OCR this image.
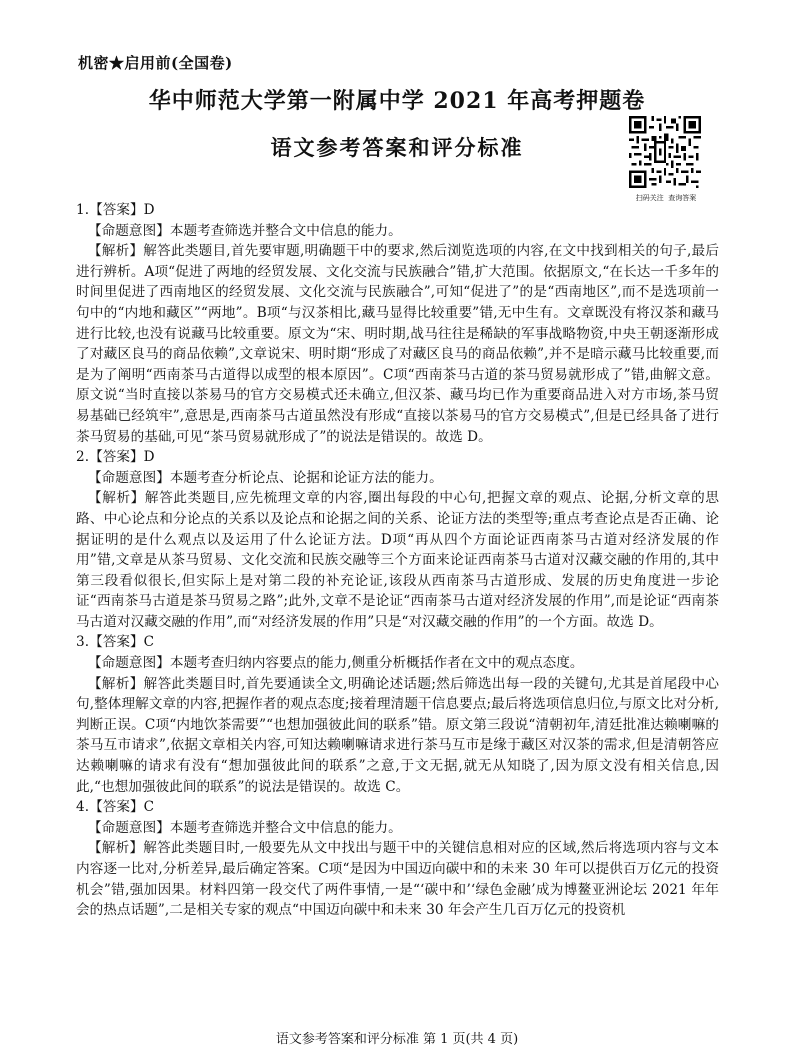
机密★启用前(全国卷)
华中师范大学第一附属中学 2021 年高考押题卷
语文参考答案和评分标准
扫码关注  查询答案
1.【答案】D
【命题意图】本题考查筛选并整合文中信息的能力。
【解析】解答此类题目,首先要审题,明确题干中的要求,然后浏览选项的内容,在文中找到相关的句子,最后进行辨析。A项“促进了两地的经贸发展、文化交流与民族融合”错,扩大范围。依据原文,“在长达一千多年的时间里促进了西南地区的经贸发展、文化交流与民族融合”,可知“促进了”的是“西南地区”,而不是选项前一句中的“内地和藏区”“两地”。B项“与汉茶相比,藏马显得比较重要”错,无中生有。文章既没有将汉茶和藏马进行比较,也没有说藏马比较重要。原文为“宋、明时期,战马往往是稀缺的军事战略物资,中央王朝逐渐形成了对藏区良马的商品依赖”,文章说宋、明时期“形成了对藏区良马的商品依赖”,并不是暗示藏马比较重要,而是为了阐明“西南茶马古道得以成型的根本原因”。C项“西南茶马古道的茶马贸易就形成了”错,曲解文意。原文说“当时直接以茶易马的官方交易模式还未确立,但汉茶、藏马均已作为重要商品进入对方市场,茶马贸易基础已经筑牢”,意思是,西南茶马古道虽然没有形成“直接以茶易马的官方交易模式”,但是已经具备了进行茶马贸易的基础,可见“茶马贸易就形成了”的说法是错误的。故选 D。
2.【答案】D
【命题意图】本题考查分析论点、论据和论证方法的能力。
【解析】解答此类题目,应先梳理文章的内容,圈出每段的中心句,把握文章的观点、论据,分析文章的思路、中心论点和分论点的关系以及论点和论据之间的关系、论证方法的类型等;重点考查论点是否正确、论据证明的是什么观点以及运用了什么论证方法。D项“再从四个方面论证西南茶马古道对经济发展的作用”错,文章是从茶马贸易、文化交流和民族交融等三个方面来论证西南茶马古道对汉藏交融的作用的,其中第三段看似很长,但实际上是对第二段的补充论证,该段从西南茶马古道形成、发展的历史角度进一步论证“西南茶马古道是茶马贸易之路”;此外,文章不是论证“西南茶马古道对经济发展的作用”,而是论证“西南茶马古道对汉藏交融的作用”,而“对经济发展的作用”只是“对汉藏交融的作用”的一个方面。故选 D。
3.【答案】C
【命题意图】本题考查归纳内容要点的能力,侧重分析概括作者在文中的观点态度。
【解析】解答此类题目时,首先要通读全文,明确论述话题;然后筛选出每一段的关键句,尤其是首尾段中心句,整体理解文章的内容,把握作者的观点态度;接着理清题干信息要点;最后将选项信息归位,与原文比对分析,判断正误。C项“内地饮茶需要”“也想加强彼此间的联系”错。原文第三段说“清朝初年,清廷批准达赖喇嘛的茶马互市请求”,依据文章相关内容,可知达赖喇嘛请求进行茶马互市是缘于藏区对汉茶的需求,但是清朝答应达赖喇嘛的请求有没有“想加强彼此间的联系”之意,于文无据,就无从知晓了,因为原文没有相关信息,因此,“也想加强彼此间的联系”的说法是错误的。故选 C。
4.【答案】C
【命题意图】本题考查筛选并整合文中信息的能力。
【解析】解答此类题目时,一般要先从文中找出与题干中的关键信息相对应的区域,然后将选项内容与文本内容逐一比对,分析差异,最后确定答案。C项“是因为中国迈向碳中和的未来 30 年可以提供百万亿元的投资机会”错,强加因果。材料四第一段交代了两件事情,一是“‘碳中和’‘绿色金融’成为博鳌亚洲论坛 2021 年年会的热点话题”,二是相关专家的观点“中国迈向碳中和未来 30 年会产生几百万亿元的投资机
语文参考答案和评分标准 第 1 页(共 4 页)
